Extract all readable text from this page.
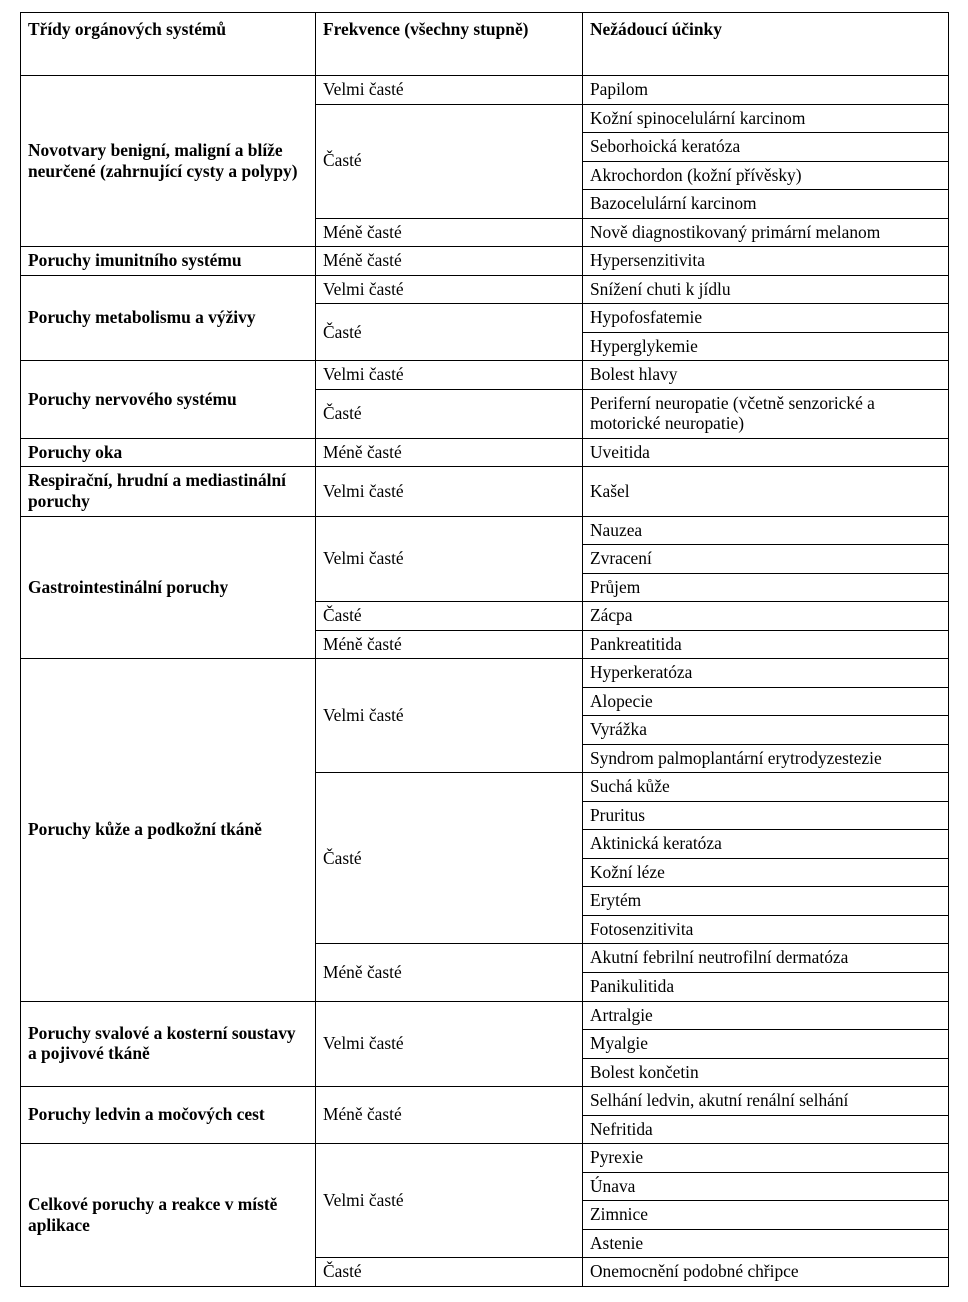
Třídy orgánových systémů	Frekvence (všechny stupně)	Nežádoucí účinky
Novotvary benigní, maligní a blíže neurčené (zahrnující cysty a polypy)	Velmi časté	Papilom
	Časté	Kožní spinocelulární karcinom
		Seborhoická keratóza
		Akrochordon (kožní přívěsky)
		Bazocelulární karcinom
	Méně časté	Nově diagnostikovaný primární melanom
Poruchy imunitního systému	Méně časté	Hypersenzitivita
Poruchy metabolismu a výživy	Velmi časté	Snížení chuti k jídlu
	Časté	Hypofosfatemie
		Hyperglykemie
Poruchy nervového systému	Velmi časté	Bolest hlavy
	Časté	Periferní neuropatie (včetně senzorické a motorické neuropatie)
Poruchy oka	Méně časté	Uveitida
Respirační, hrudní a mediastinální poruchy	Velmi časté	Kašel
Gastrointestinální poruchy	Velmi časté	Nauzea
		Zvracení
		Průjem
	Časté	Zácpa
	Méně časté	Pankreatitida
Poruchy kůže a podkožní tkáně	Velmi časté	Hyperkeratóza
		Alopecie
		Vyrážka
		Syndrom palmoplantární erytrodyzestezie
	Časté	Suchá kůže
		Pruritus
		Aktinická keratóza
		Kožní léze
		Erytém
		Fotosenzitivita
	Méně časté	Akutní febrilní neutrofilní dermatóza
		Panikulitida
Poruchy svalové a kosterní soustavy a pojivové tkáně	Velmi časté	Artralgie
		Myalgie
		Bolest končetin
Poruchy ledvin a močových cest	Méně časté	Selhání ledvin, akutní renální selhání
		Nefritida
Celkové poruchy a reakce v místě aplikace	Velmi časté	Pyrexie
		Únava
		Zimnice
		Astenie
	Časté	Onemocnění podobné chřipce
